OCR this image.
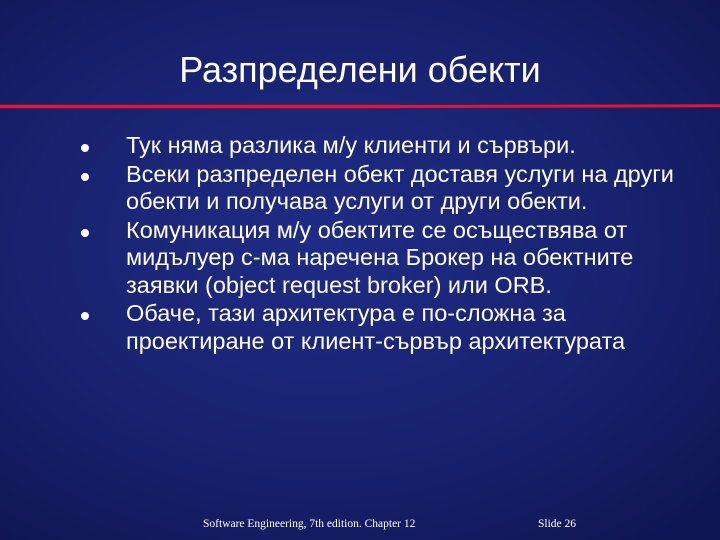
Разпределени обекти
Тук няма разлика м/у клиенти и сървъри.
Всеки разпределен обект доставя услуги на други обекти и получава услуги от други обекти.
Комуникация м/у обектите се осъществява от мидълуер с-ма наречена Брокер на обектните заявки (object request broker) или ORB.
Обаче, тази архитектура е по-сложна за проектиране от клиент-сървър архитектурата
Software Engineering, 7th edition. Chapter 12	Slide 26
